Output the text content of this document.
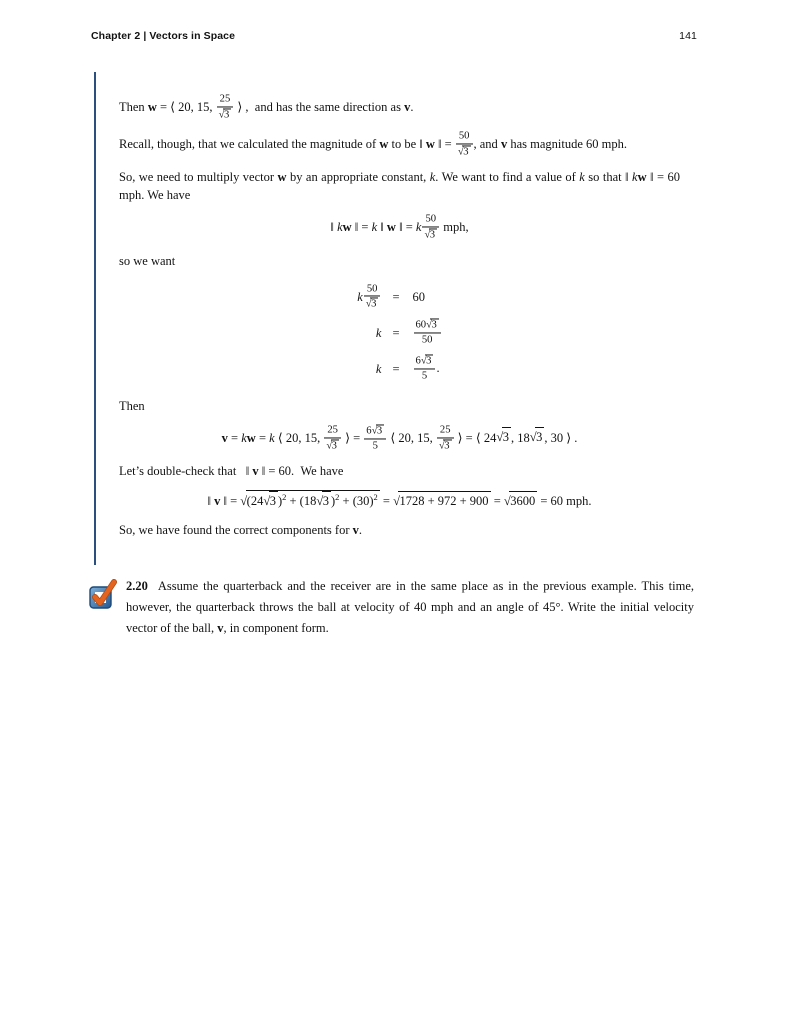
Chapter 2 | Vectors in Space	141

Then w = ⟨ 20, 15, $\frac{25}{√3}$ ⟩ , and has the same direction as v.

Recall, though, that we calculated the magnitude of w to be ‖ w ‖ = $\frac{50}{√3}$ , and v has magnitude 60 mph.

So, we need to multiply vector w by an appropriate constant, k. We want to find a value of k so that ‖ kw ‖ = 60 mph. We have

‖ kw ‖ = k ‖ w ‖ = k $\frac{50}{√3}$ mph,

so we want

k $\frac{50}{√3}$	=	60
k	=	$\frac{60√3}{50}$

k	=	$\frac{6√3}{5}$ .

Then

v = kw = k ⟨ 20, 15, $\frac{25}{√3}$ ⟩ = $\frac{6√3}{5}$ ⟨ 20, 15, $\frac{25}{√3}$ ⟩ = ⟨ 24√3 , 18√3 , 30 ⟩ .

Let’s double-check that  ‖ v ‖ = 60. We have

‖ v ‖ = √(24√3 )$^2$ + (18√3 )$^2 + (30)^2 = √1728 + 972 + 900 = √3600 = 60$ mph.

So, we have found the correct components for v.

2.20 Assume the quarterback and the receiver are in the same place as in the previous example. This time, however, the quarterback throws the ball at velocity of 40 mph and an angle of 45°. Write the initial velocity vector of the ball, v, in component form.
